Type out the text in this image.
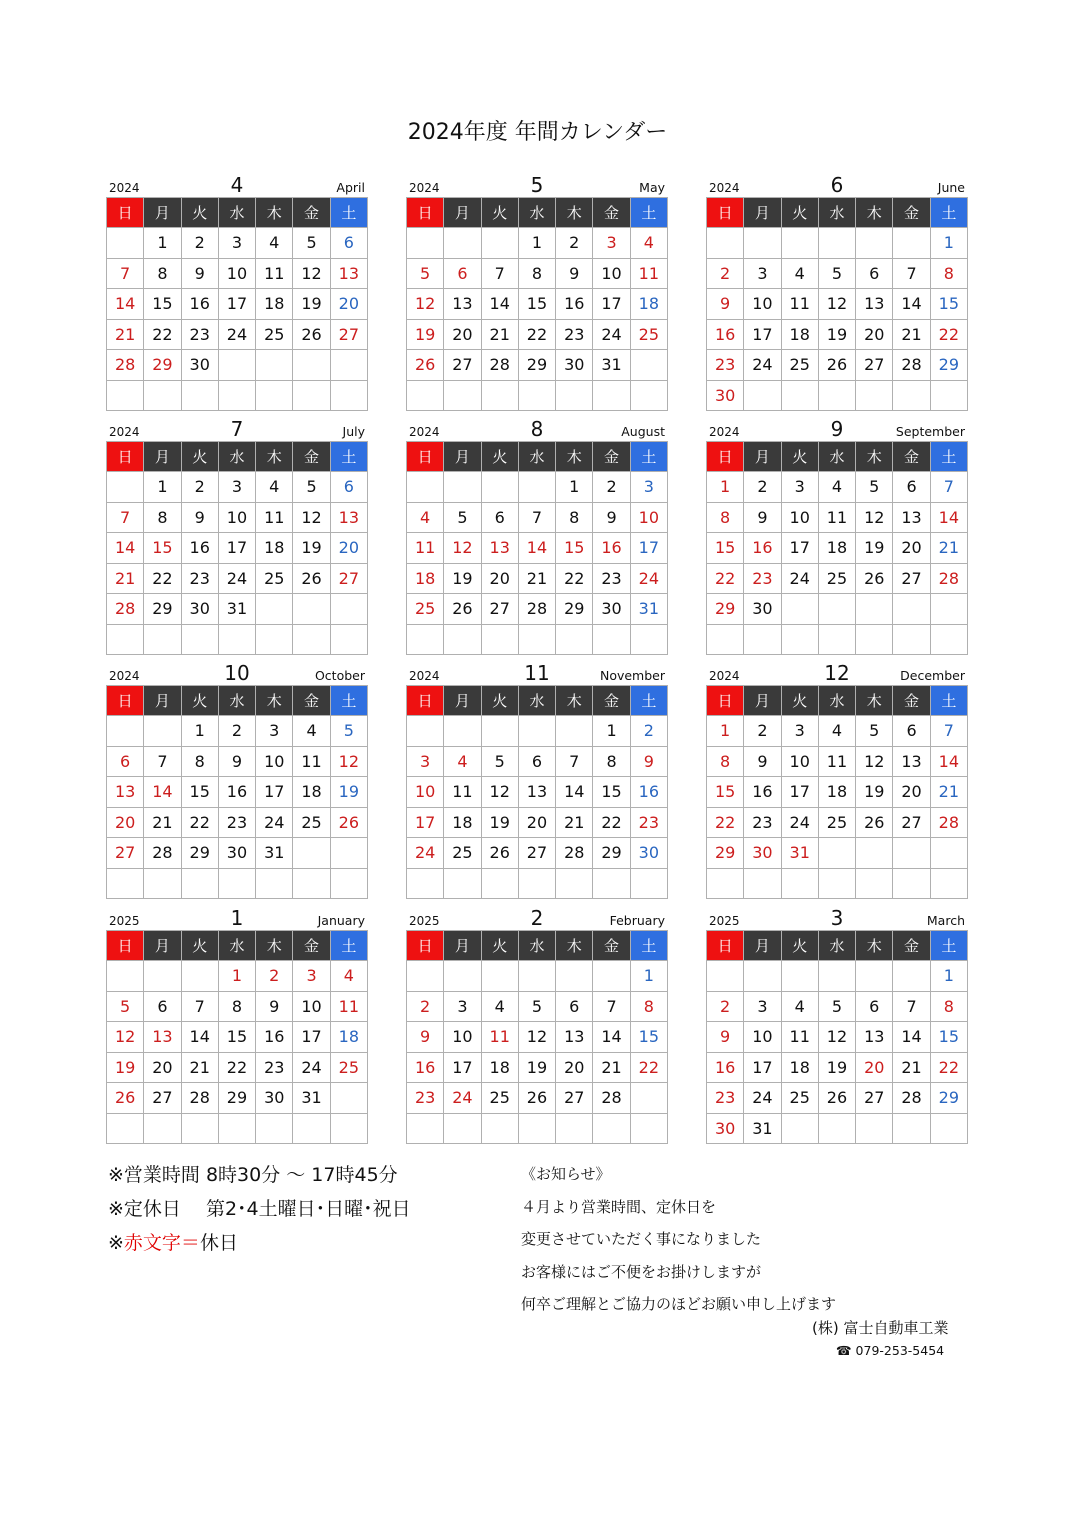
2024年度 年間カレンダー
2024	4	April
日	月	火	水	木	金	土
	1	2	3	4	5	6
7	8	9	10	11	12	13
14	15	16	17	18	19	20
21	22	23	24	25	26	27
28	29	30				

2024	5	May
日	月	火	水	木	金	土
			1	2	3	4
5	6	7	8	9	10	11
12	13	14	15	16	17	18
19	20	21	22	23	24	25
26	27	28	29	30	31	

2024	6	June
日	月	火	水	木	金	土
						1
2	3	4	5	6	7	8
9	10	11	12	13	14	15
16	17	18	19	20	21	22
23	24	25	26	27	28	29
30						
2024	7	July
日	月	火	水	木	金	土
	1	2	3	4	5	6
7	8	9	10	11	12	13
14	15	16	17	18	19	20
21	22	23	24	25	26	27
28	29	30	31			

2024	8	August
日	月	火	水	木	金	土
				1	2	3
4	5	6	7	8	9	10
11	12	13	14	15	16	17
18	19	20	21	22	23	24
25	26	27	28	29	30	31

2024	9	September
日	月	火	水	木	金	土
1	2	3	4	5	6	7
8	9	10	11	12	13	14
15	16	17	18	19	20	21
22	23	24	25	26	27	28
29	30					

2024	10	October
日	月	火	水	木	金	土
		1	2	3	4	5
6	7	8	9	10	11	12
13	14	15	16	17	18	19
20	21	22	23	24	25	26
27	28	29	30	31		

2024	11	November
日	月	火	水	木	金	土
					1	2
3	4	5	6	7	8	9
10	11	12	13	14	15	16
17	18	19	20	21	22	23
24	25	26	27	28	29	30

2024	12	December
日	月	火	水	木	金	土
1	2	3	4	5	6	7
8	9	10	11	12	13	14
15	16	17	18	19	20	21
22	23	24	25	26	27	28
29	30	31				

2025	1	January
日	月	火	水	木	金	土
			1	2	3	4
5	6	7	8	9	10	11
12	13	14	15	16	17	18
19	20	21	22	23	24	25
26	27	28	29	30	31	

2025	2	February
日	月	火	水	木	金	土
						1
2	3	4	5	6	7	8
9	10	11	12	13	14	15
16	17	18	19	20	21	22
23	24	25	26	27	28	

2025	3	March
日	月	火	水	木	金	土
						1
2	3	4	5	6	7	8
9	10	11	12	13	14	15
16	17	18	19	20	21	22
23	24	25	26	27	28	29
30	31					
※営業時間 8時30分 ～ 17時45分
※定休日　 第2･4土曜日･日曜･祝日
※赤文字＝休日
《お知らせ》
４月より営業時間、定休日を
変更させていただく事になりました
お客様にはご不便をお掛けしますが
何卒ご理解とご協力のほどお願い申し上げます
(株) 富士自動車工業
☎ 079-253-5454
